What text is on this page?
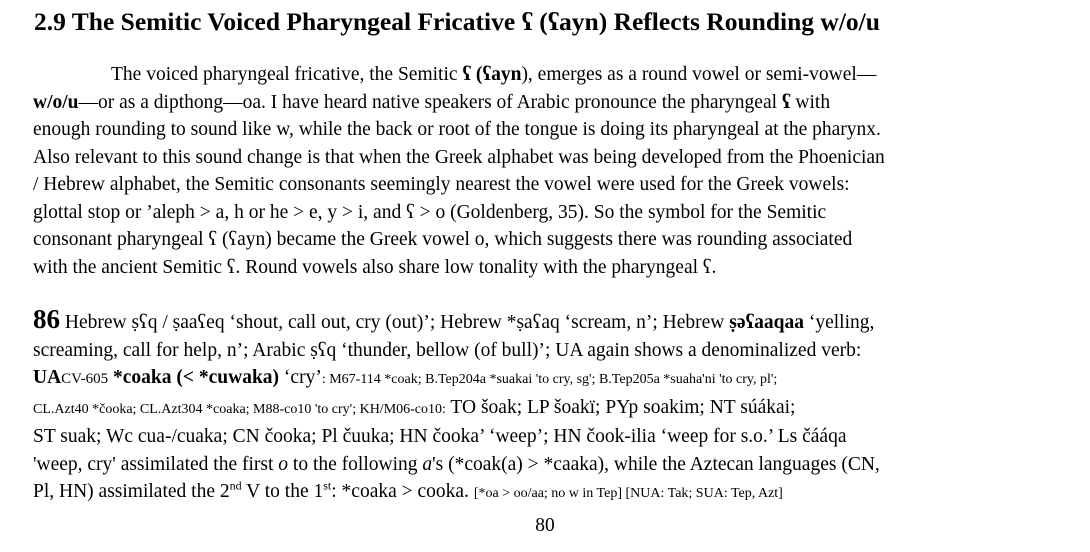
2.9 The Semitic Voiced Pharyngeal Fricative ʕ (ʕayn) Reflects Rounding w/o/u
The voiced pharyngeal fricative, the Semitic ʕ (ʕayn), emerges as a round vowel or semi-vowel—
w/o/u—or as a dipthong—oa. I have heard native speakers of Arabic pronounce the pharyngeal ʕ with
enough rounding to sound like w, while the back or root of the tongue is doing its pharyngeal at the pharynx.
Also relevant to this sound change is that when the Greek alphabet was being developed from the Phoenician
/ Hebrew alphabet, the Semitic consonants seemingly nearest the vowel were used for the Greek vowels:
glottal stop or ’aleph > a, h or he > e, y > i, and ʕ > o (Goldenberg, 35). So the symbol for the Semitic
consonant pharyngeal ʕ (ʕayn) became the Greek vowel o, which suggests there was rounding associated
with the ancient Semitic ʕ. Round vowels also share low tonality with the pharyngeal ʕ.
86 Hebrew ṣʕq / ṣaaʕeq ‘shout, call out, cry (out)’; Hebrew *ṣaʕaq ‘scream, n’; Hebrew ṣəʕaaqaa ‘yelling,
screaming, call for help, n’; Arabic ṣʕq ‘thunder, bellow (of bull)’; UA again shows a denominalized verb:
UACV-605 *coaka (< *cuwaka) ‘cry’: M67-114 *coak; B.Tep204a *suakai 'to cry, sg'; B.Tep205a *suaha'ni 'to cry, pl';
CL.Azt40 *čooka; CL.Azt304 *coaka; M88-co10 'to cry'; KH/M06-co10: TO šoak; LP šoakï; PYp soakim; NT súákai;
ST suak; Wc cua-/cuaka; CN čooka; Pl čuuka; HN čooka’ ‘weep’; HN čook-ilia ‘weep for s.o.’ Ls čááqa
'weep, cry' assimilated the first o to the following a's (*coak(a) > *caaka), while the Aztecan languages (CN,
Pl, HN) assimilated the 2nd V to the 1st: *coaka > cooka. [*oa > oo/aa; no w in Tep] [NUA: Tak; SUA: Tep, Azt]
80
